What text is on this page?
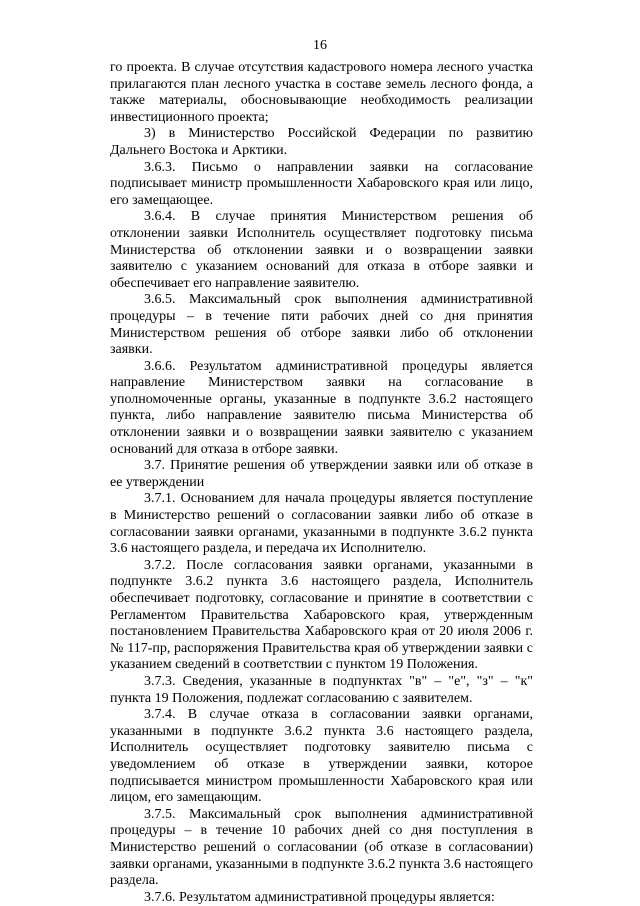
16

го проекта. В случае отсутствия кадастрового номера лесного участка прилагаются план лесного участка в составе земель лесного фонда, а также материалы, обосновывающие необходимость реализации инвестиционного проекта;

3) в Министерство Российской Федерации по развитию Дальнего Востока и Арктики.

3.6.3. Письмо о направлении заявки на согласование подписывает министр промышленности Хабаровского края или лицо, его замещающее.

3.6.4. В случае принятия Министерством решения об отклонении заявки Исполнитель осуществляет подготовку письма Министерства об отклонении заявки и о возвращении заявки заявителю с указанием оснований для отказа в отборе заявки и обеспечивает его направление заявителю.

3.6.5. Максимальный срок выполнения административной процедуры – в течение пяти рабочих дней со дня принятия Министерством решения об отборе заявки либо об отклонении заявки.

3.6.6. Результатом административной процедуры является направление Министерством заявки на согласование в уполномоченные органы, указанные в подпункте 3.6.2 настоящего пункта, либо направление заявителю письма Министерства об отклонении заявки и о возвращении заявки заявителю с указанием оснований для отказа в отборе заявки.

3.7. Принятие решения об утверждении заявки или об отказе в ее утверждении

3.7.1. Основанием для начала процедуры является поступление в Министерство решений о согласовании заявки либо об отказе в согласовании заявки органами, указанными в подпункте 3.6.2 пункта 3.6 настоящего раздела, и передача их Исполнителю.

3.7.2. После согласования заявки органами, указанными в подпункте 3.6.2 пункта 3.6 настоящего раздела, Исполнитель обеспечивает подготовку, согласование и принятие в соответствии с Регламентом Правительства Хабаровского края, утвержденным постановлением Правительства Хабаровского края от 20 июля 2006 г. № 117-пр, распоряжения Правительства края об утверждении заявки с указанием сведений в соответствии с пунктом 19 Положения.

3.7.3. Сведения, указанные в подпунктах "в" – "е", "з" – "к" пункта 19 Положения, подлежат согласованию с заявителем.

3.7.4. В случае отказа в согласовании заявки органами, указанными в подпункте 3.6.2 пункта 3.6 настоящего раздела, Исполнитель осуществляет подготовку заявителю письма с уведомлением об отказе в утверждении заявки, которое подписывается министром промышленности Хабаровского края или лицом, его замещающим.

3.7.5. Максимальный срок выполнения административной процедуры – в течение 10 рабочих дней со дня поступления в Министерство решений о согласовании (об отказе в согласовании) заявки органами, указанными в подпункте 3.6.2 пункта 3.6 настоящего раздела.

3.7.6. Результатом административной процедуры является:
